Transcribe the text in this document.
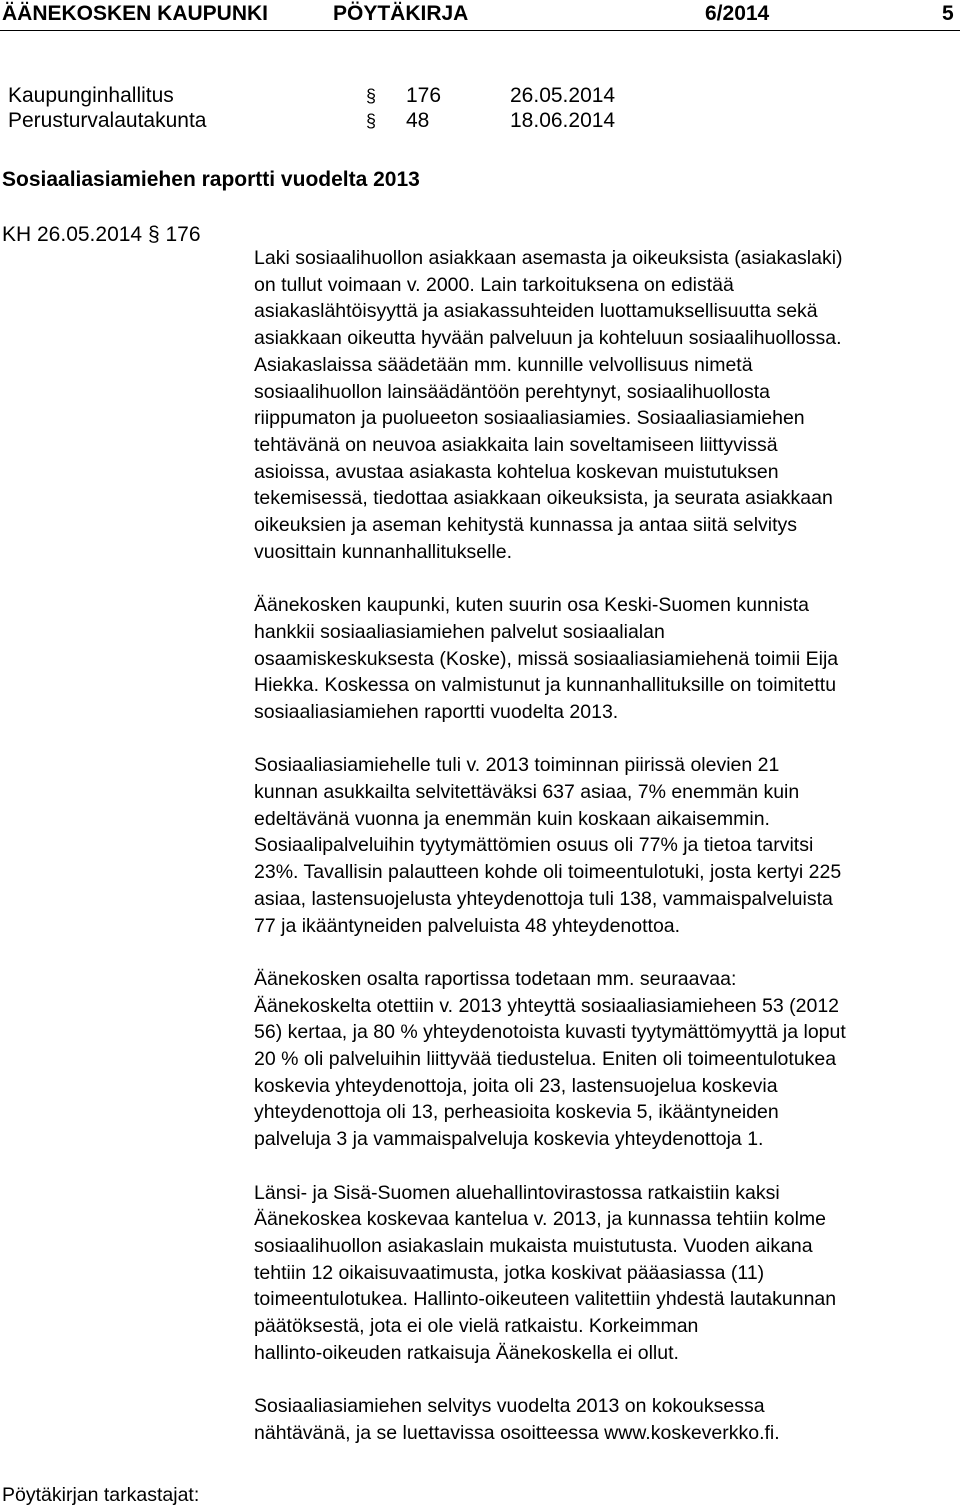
ÄÄNEKOSKEN KAUPUNKI	PÖYTÄKIRJA	6/2014	5
Kaupunginhallitus	§ 176	26.05.2014
Perusturvalautakunta	§ 48	18.06.2014
Sosiaaliasiamiehen raportti vuodelta 2013
KH 26.05.2014 § 176

Laki sosiaalihuollon asiakkaan asemasta ja oikeuksista (asiakaslaki)
on tullut voimaan v. 2000. Lain tarkoituksena on edistää
asiakaslähtöisyyttä ja asiakassuhteiden luottamuksellisuutta sekä
asiakkaan oikeutta hyvään palveluun ja kohteluun sosiaalihuollossa.
Asiakaslaissa säädetään mm. kunnille velvollisuus nimetä
sosiaalihuollon lainsäädäntöön perehtynyt, sosiaalihuollosta
riippumaton ja puolueeton sosiaaliasiamies. Sosiaaliasiamiehen
tehtävänä on neuvoa asiakkaita lain soveltamiseen liittyvissä
asioissa, avustaa asiakasta kohtelua koskevan muistutuksen
tekemisessä, tiedottaa asiakkaan oikeuksista, ja seurata asiakkaan
oikeuksien ja aseman kehitystä kunnassa ja antaa siitä selvitys
vuosittain kunnanhallitukselle.

Äänekosken kaupunki, kuten suurin osa Keski-Suomen kunnista
hankkii sosiaaliasiamiehen palvelut sosiaalialan
osaamiskeskuksesta (Koske), missä sosiaaliasiamiehenä toimii Eija
Hiekka. Koskessa on valmistunut ja kunnanhallituksille on toimitettu
sosiaaliasiamiehen raportti vuodelta 2013.

Sosiaaliasiamiehelle tuli v. 2013 toiminnan piirissä olevien 21
kunnan asukkailta selvitettäväksi 637 asiaa, 7% enemmän kuin
edeltävänä vuonna ja enemmän kuin koskaan aikaisemmin.
Sosiaalipalveluihin tyytymättömien osuus oli 77% ja tietoa tarvitsi
23%. Tavallisin palautteen kohde oli toimeentulotuki, josta kertyi 225
asiaa, lastensuojelusta yhteydenottoja tuli 138, vammaispalveluista
77 ja ikääntyneiden palveluista 48 yhteydenottoa.

Äänekosken osalta raportissa todetaan mm. seuraavaa:
Äänekoskelta otettiin v. 2013 yhteyttä sosiaaliasiamieheen 53 (2012
56) kertaa, ja 80 % yhteydenotoista kuvasti tyytymättömyyttä ja loput
20 % oli palveluihin liittyvää tiedustelua. Eniten oli toimeentulotukea
koskevia yhteydenottoja, joita oli 23, lastensuojelua koskevia
yhteydenottoja oli 13, perheasioita koskevia 5, ikääntyneiden
palveluja 3 ja vammaispalveluja koskevia yhteydenottoja 1.

Länsi- ja Sisä-Suomen aluehallintovirastossa ratkaistiin kaksi
Äänekoskea koskevaa kantelua v. 2013, ja kunnassa tehtiin kolme
sosiaalihuollon asiakaslain mukaista muistutusta. Vuoden aikana
tehtiin 12 oikaisuvaatimusta, jotka koskivat pääasiassa (11)
toimeentulotukea. Hallinto-oikeuteen valitettiin yhdestä lautakunnan
päätöksestä, jota ei ole vielä ratkaistu. Korkeimman
hallinto-oikeuden ratkaisuja Äänekoskella ei ollut.

Sosiaaliasiamiehen selvitys vuodelta 2013 on kokouksessa
nähtävänä, ja se luettavissa osoitteessa www.koskeverkko.fi.

Pöytäkirjan tarkastajat:
